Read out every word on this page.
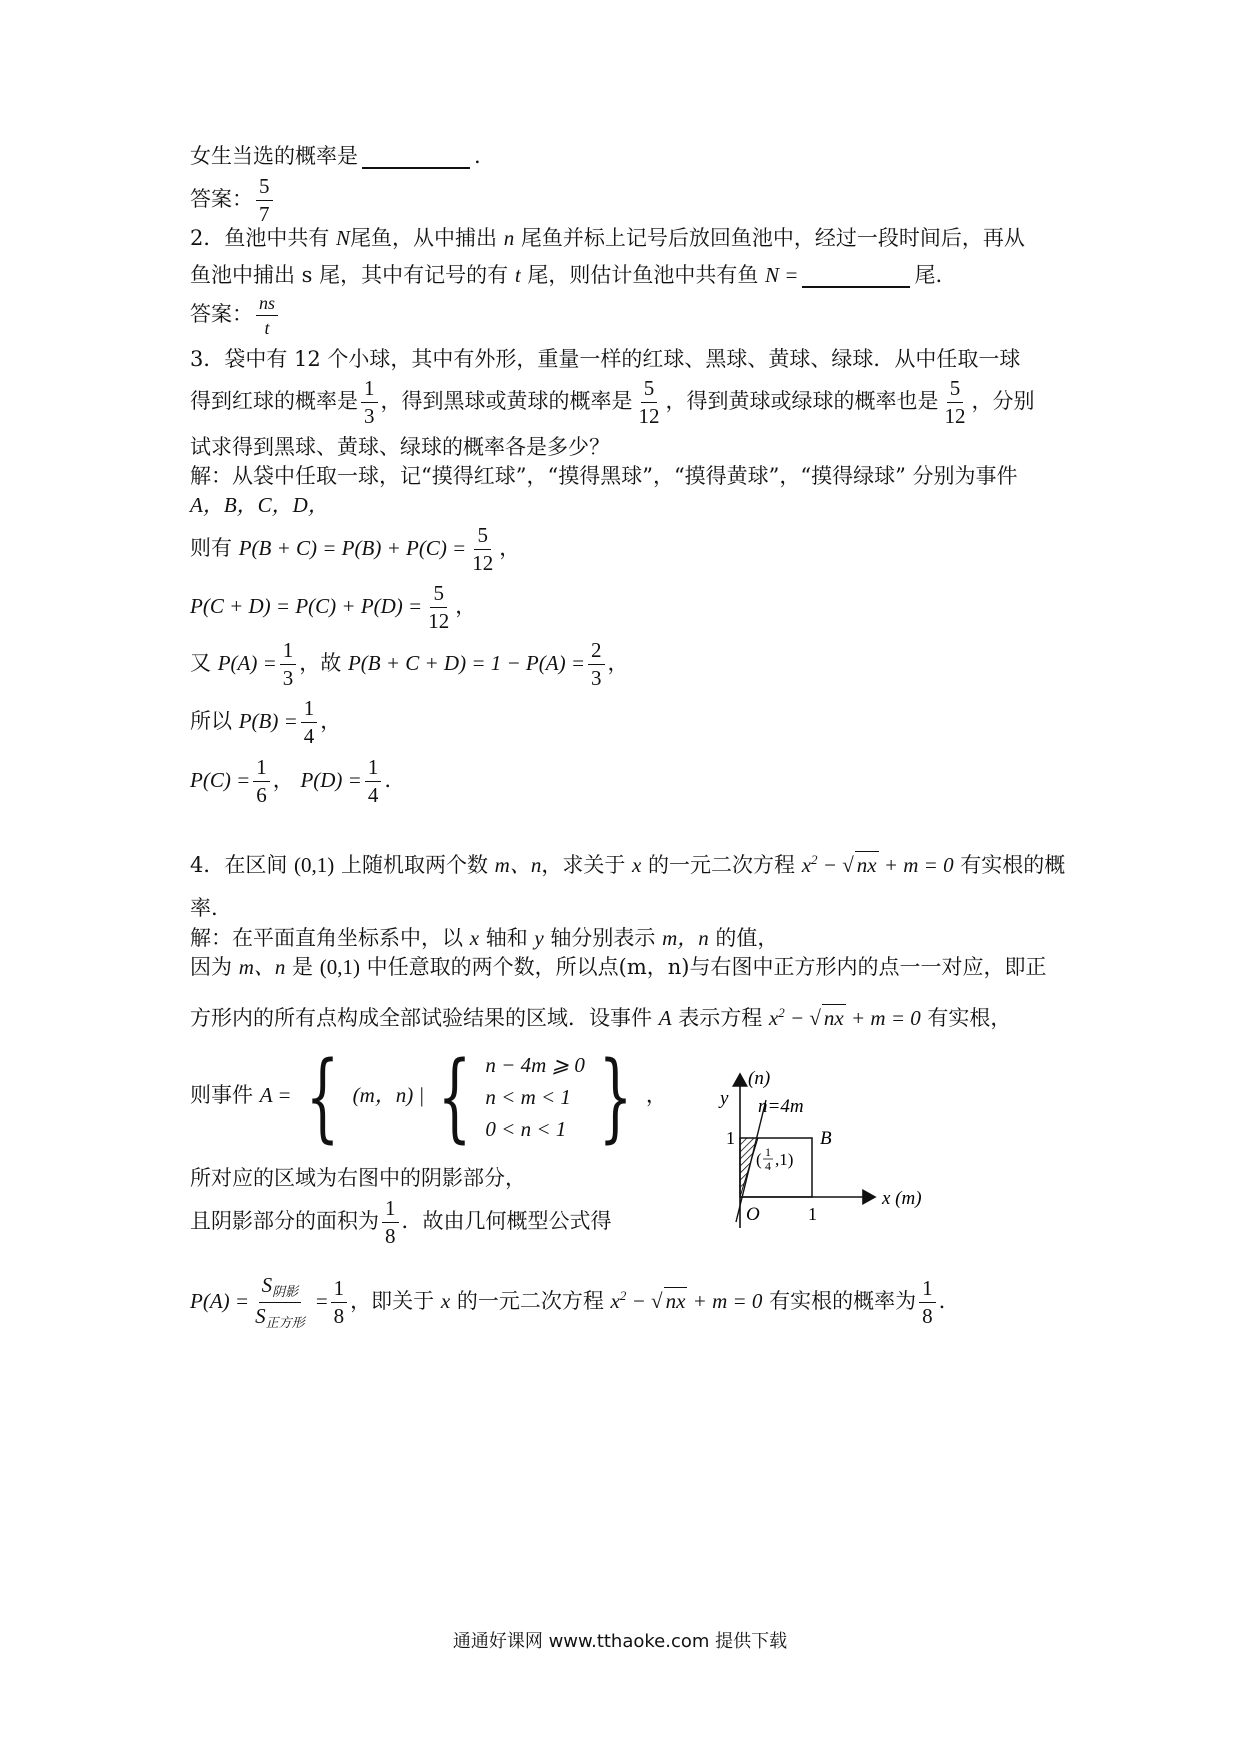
女生当选的概率是	.
答案： $\frac{5}{7}$
2．鱼池中共有 N尾鱼，从中捕出 n 尾鱼并标上记号后放回鱼池中，经过一段时间后，再从
鱼池中捕出 s 尾，其中有记号的有 t 尾，则估计鱼池中共有鱼 N =	尾.
答案： $\frac{ns}{t}$
3．袋中有 12 个小球，其中有外形，重量一样的红球、黑球、黄球、绿球．从中任取一球
得到红球的概率是 $\frac{1}{3}$ ，得到黑球或黄球的概率是 $\frac{5}{12}$ ，得到黄球或绿球的概率也是 $\frac{5}{12}$ ，分别
试求得到黑球、黄球、绿球的概率各是多少？
解：从袋中任取一球，记“摸得红球”，“摸得黑球”，“摸得黄球”，“摸得绿球” 分别为事件
A，B，C，D，
则有 $P(B + C) = P(B) + P(C) = \frac{5}{12}$ ，
$P(C + D) = P(C) + P(D) = \frac{5}{12}$ ，
又 $P(A) = \frac{1}{3}$ ，故 $P(B + C + D) = 1 - P(A) = \frac{2}{3}$ ，
所以 $P(B) = \frac{1}{4}$ ，
$P(C) = \frac{1}{6}$ ， $P(D) = \frac{1}{4}$ .
4．在区间 (0,1) 上随机取两个数 m、n，求关于 x 的一元二次方程 $x^2$ − √ nx + m = 0 有实根的概
率.
解：在平面直角坐标系中，以 x 轴和 y 轴分别表示 m，n 的值，
因为 m、n 是 (0,1) 中任意取的两个数，所以点(m，n)与右图中正方形内的点一一对应，即正
方形内的所有点构成全部试验结果的区域．设事件 A 表示方程 $x^2$ − √ nx + m = 0 有实根，
则事件 A = { (m，n) | { n − 4m ⩾ 0
n < m < 1
0 < n < 1 } ，
所对应的区域为右图中的阴影部分，
且阴影部分的面积为 $\frac{1}{8}$ ．故由几何概型公式得
$P(A) = \frac{S_{阴影}}{S_{正方形}} = \frac{1}{8}$ ，即关于 x 的一元二次方程 $x^2$ − √ nx + m = 0 有实根的概率为 $\frac{1}{8}$ .
y
(n)
n=4m
1	B
( 1
4 ,1)
O	1
x (m)
通通好课网 www.tthaoke.com 提供下载
